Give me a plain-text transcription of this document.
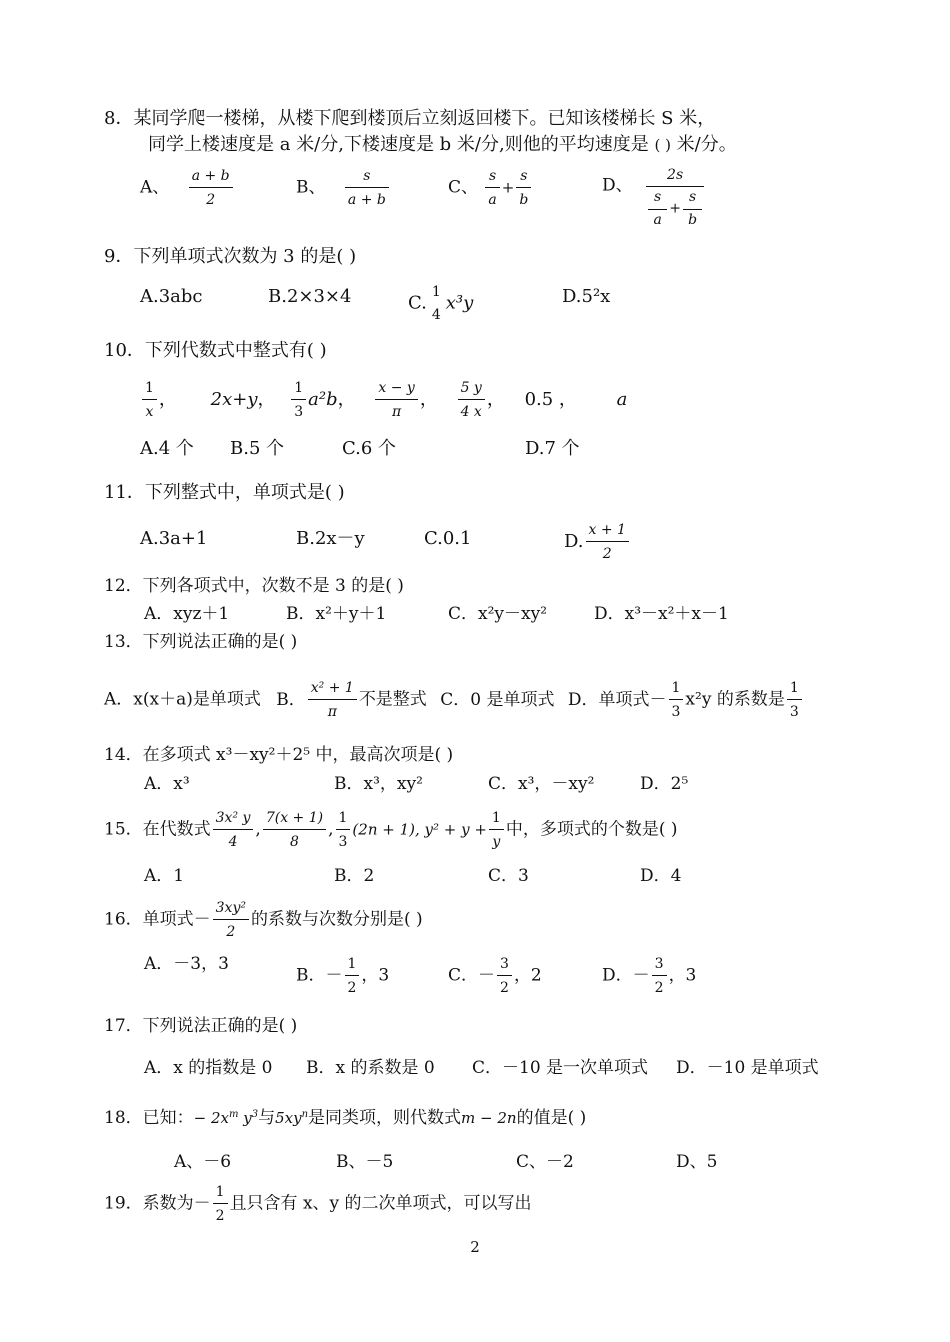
8．某同学爬一楼梯，从楼下爬到楼顶后立刻返回楼下。已知该楼梯长 S 米，
同学上楼速度是 a 米/分,下楼速度是 b 米/分,则他的平均速度是 ( ) 米/分。
A、 $\frac{a + b}{2}$	B、 $\frac{s}{a + b}$	C、 $\frac{s}{a} + \frac{s}{b}$	D、 $\frac{2s}{\frac{s}{a} + \frac{s}{b}}$
9．下列单项式次数为 3 的是( )
A.3abc	B.2×3×4	C.
1
4
x³y	D.5²x
10．下列代数式中整式有( )
$\frac{1}{x}$ ， 2x+y， $\frac{1}{3} a^2b$， $\frac{x - y}{\pi}$ ， $\frac{5 y}{4 x}$ ， 0.5 ， a
A.4 个 B.5 个	C.6 个	D.7 个
11．下列整式中，单项式是( )
A.3a+1	B.2x－y	C.0.1	D. $\frac{x + 1}{2}$
12．下列各项式中，次数不是 3 的是( )
A．xyz＋1	B．x²＋y＋1	C．x²y－xy²	D．x³－x²＋x－1
13．下列说法正确的是( )
A．x(x＋a)是单项式 B． $\frac{\text{x² + 1}}{\pi}$ 不是整式 C．0 是单项式 D．单项式－ $\frac{1}{3} x^2y$ 的系数是 $\frac{1}{3}$
14．在多项式 x³－xy²＋2⁵ 中，最高次项是( )
A．x³	B．x³，xy²	C．x³，－xy²	D．2⁵
15．在代数式 $\frac{\text{3x² y}}{4}$ , $\frac{7(x + 1)}{8}$ , $\frac{1}{3} (2n + 1)$, $y^2 + y + \frac{1}{y}$ 中，多项式的个数是( )
A．1	B．2	C．3	D．4
16．单项式－ $\frac{\text{3xy²}}{2}$ 的系数与次数分别是( )
A．－3，3
B．－ $\frac{1}{2}$ ，3	C．－ $\frac{3}{2}$ ，2	D．－ $\frac{3}{2}$ ，3
17．下列说法正确的是( )
A．x 的指数是 0 B．x 的系数是 0 C．－10 是一次单项式 D．－10 是单项式
18．已知：− $2x^m$ $y^3$与$5xy^n$是同类项，则代数式m − 2n的值是( )
A、－6	B、－5	C、－2	D、5
19．系数为－ $\frac{1}{2}$ 且只含有 x、y 的二次单项式，可以写出
2
